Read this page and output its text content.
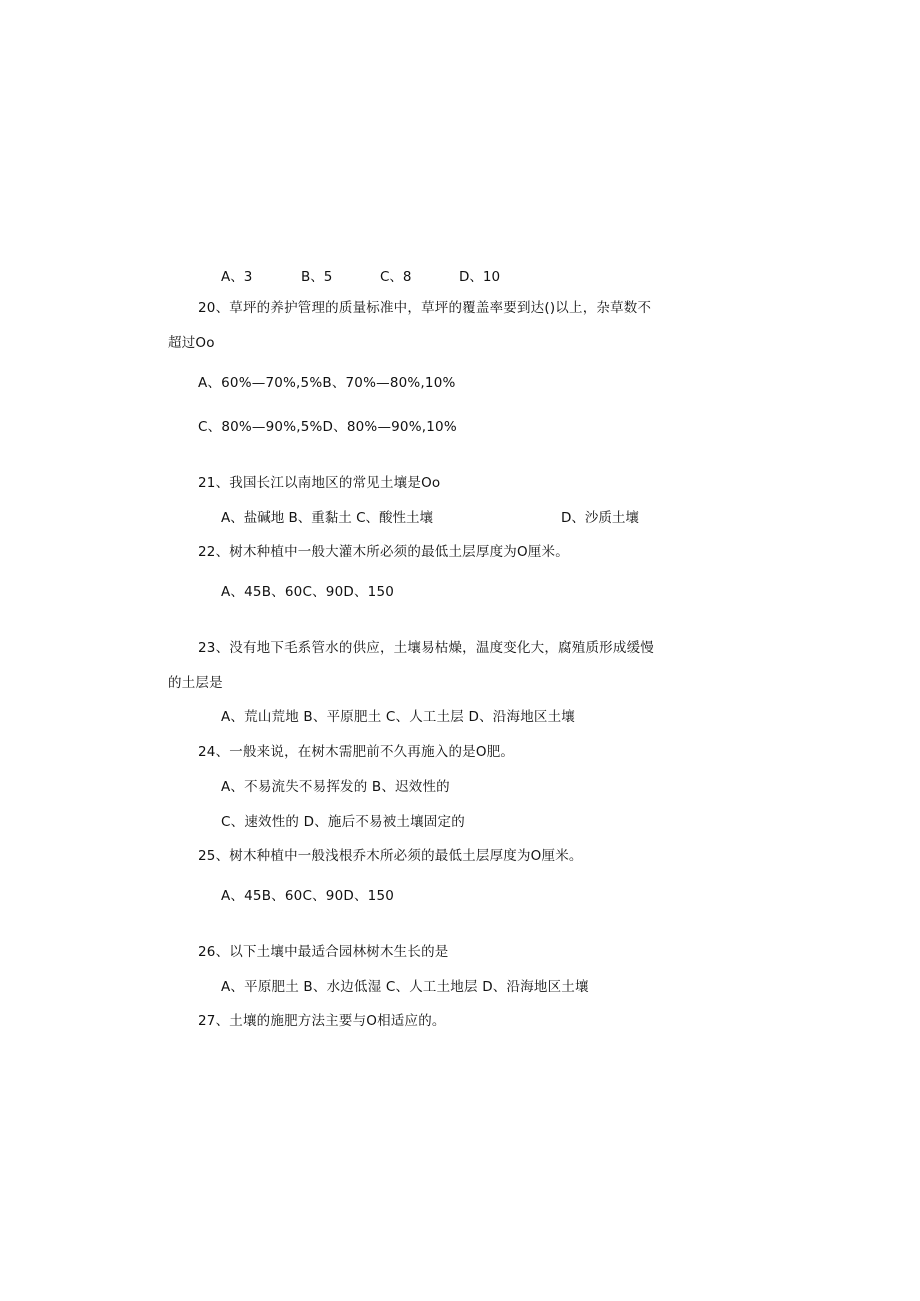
A、3	B、5	C、8	D、10
20、草坪的养护管理的质量标准中，草坪的覆盖率要到达()以上，杂草数不
超过Oo
A、60%—70%,5%B、70%—80%,10%
C、80%—90%,5%D、80%—90%,10%
21、我国长江以南地区的常见土壤是Oo
A、盐碱地 B、重黏土 C、酸性土壤	D、沙质土壤
22、树木种植中一般大灌木所必须的最低土层厚度为O厘米。
A、45B、60C、90D、150
23、没有地下毛系管水的供应，土壤易枯燥，温度变化大，腐殖质形成缓慢
的土层是
A、荒山荒地 B、平原肥土 C、人工土层 D、沿海地区土壤
24、一般来说，在树木需肥前不久再施入的是O肥。
A、不易流失不易挥发的 B、迟效性的
C、速效性的 D、施后不易被土壤固定的
25、树木种植中一般浅根乔木所必须的最低土层厚度为O厘米。
A、45B、60C、90D、150
26、以下土壤中最适合园林树木生长的是
A、平原肥土 B、水边低湿 C、人工土地层 D、沿海地区土壤
27、土壤的施肥方法主要与O相适应的。
